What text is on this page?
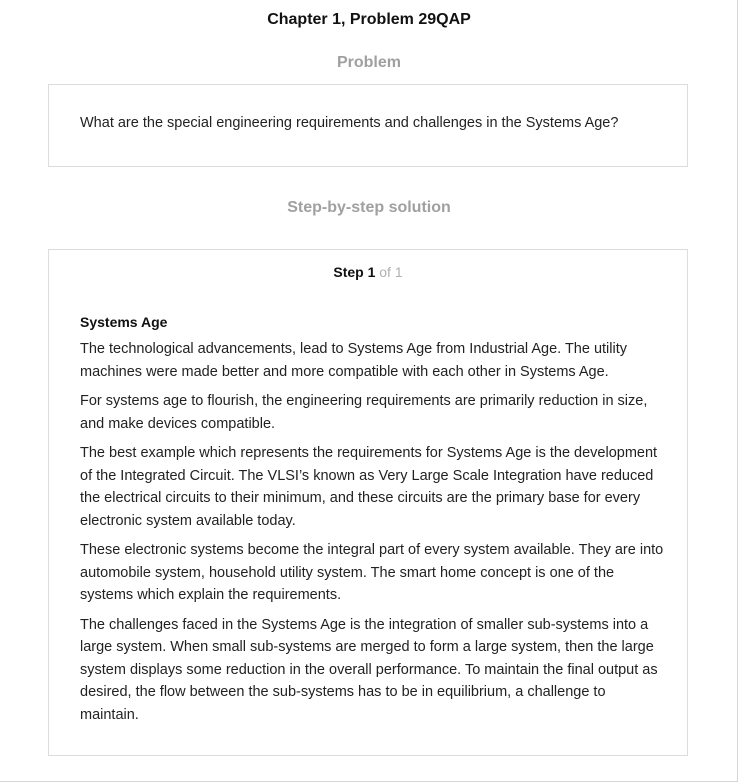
Chapter 1, Problem 29QAP
Problem
What are the special engineering requirements and challenges in the Systems Age?
Step-by-step solution
Step 1 of 1
Systems Age

The technological advancements, lead to Systems Age from Industrial Age. The utility machines were made better and more compatible with each other in Systems Age.

For systems age to flourish, the engineering requirements are primarily reduction in size, and make devices compatible.

The best example which represents the requirements for Systems Age is the development of the Integrated Circuit. The VLSI’s known as Very Large Scale Integration have reduced the electrical circuits to their minimum, and these circuits are the primary base for every electronic system available today.

These electronic systems become the integral part of every system available. They are into automobile system, household utility system. The smart home concept is one of the systems which explain the requirements.

The challenges faced in the Systems Age is the integration of smaller sub-systems into a large system. When small sub-systems are merged to form a large system, then the large system displays some reduction in the overall performance. To maintain the final output as desired, the flow between the sub-systems has to be in equilibrium, a challenge to maintain.
